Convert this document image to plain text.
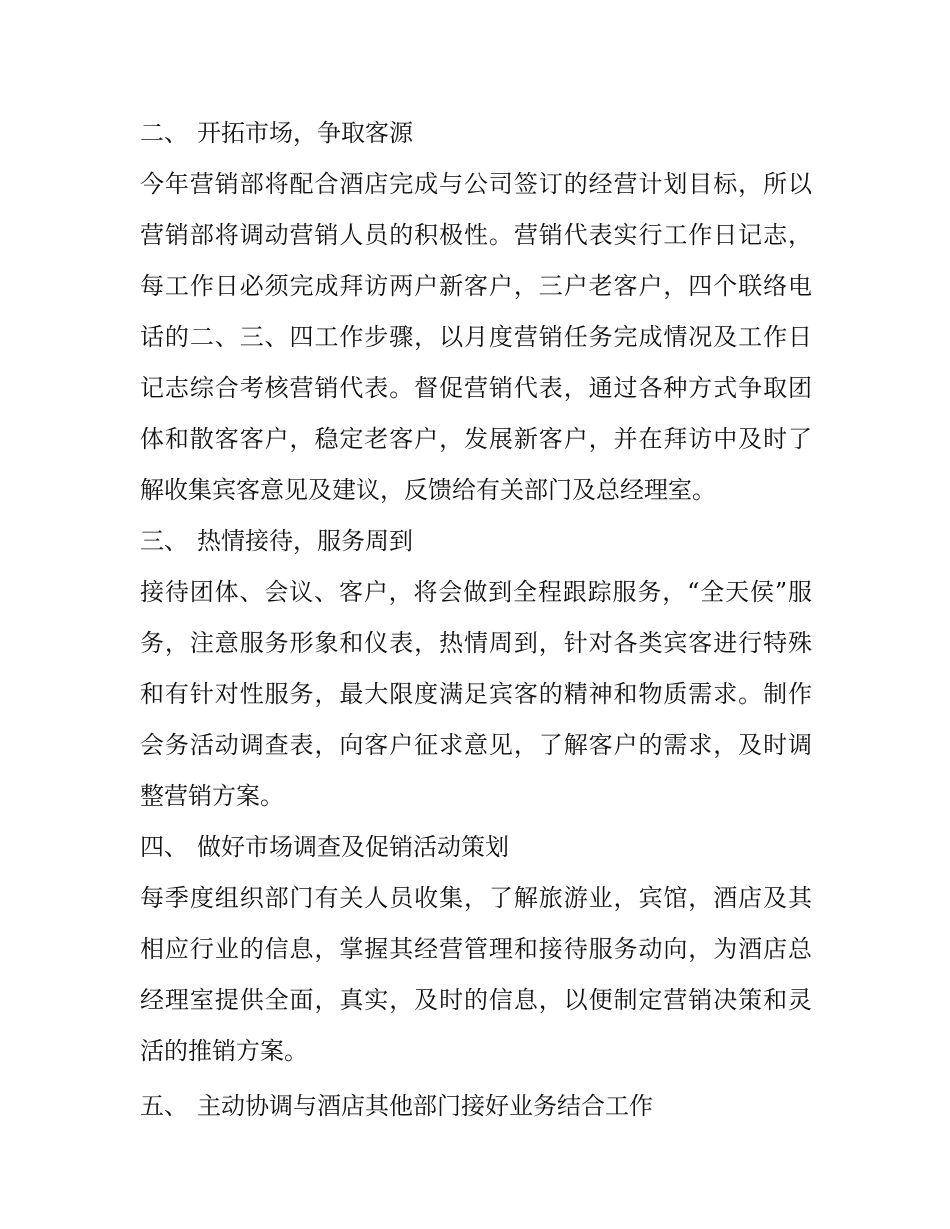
二、 开拓市场，争取客源
今年营销部将配合酒店完成与公司签订的经营计划目标，所以
营销部将调动营销人员的积极性。营销代表实行工作日记志，
每工作日必须完成拜访两户新客户，三户老客户，四个联络电
话的二、三、四工作步骤，以月度营销任务完成情况及工作日
记志综合考核营销代表。督促营销代表，通过各种方式争取团
体和散客客户，稳定老客户，发展新客户，并在拜访中及时了
解收集宾客意见及建议，反馈给有关部门及总经理室。
三、 热情接待，服务周到
接待团体、会议、客户，将会做到全程跟踪服务，“全天侯”服
务，注意服务形象和仪表，热情周到，针对各类宾客进行特殊
和有针对性服务，最大限度满足宾客的精神和物质需求。制作
会务活动调查表，向客户征求意见，了解客户的需求，及时调
整营销方案。
四、 做好市场调查及促销活动策划
每季度组织部门有关人员收集，了解旅游业，宾馆，酒店及其
相应行业的信息，掌握其经营管理和接待服务动向，为酒店总
经理室提供全面，真实，及时的信息，以便制定营销决策和灵
活的推销方案。
五、 主动协调与酒店其他部门接好业务结合工作
